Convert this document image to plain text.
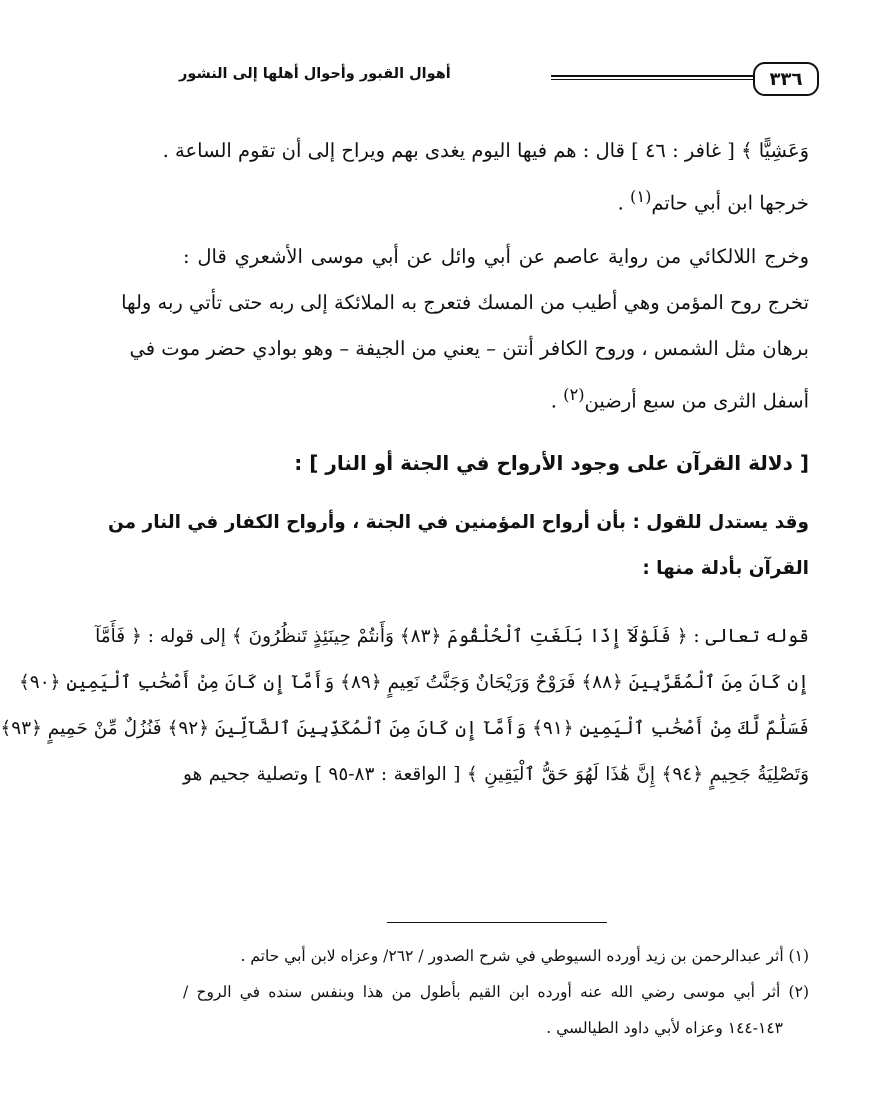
٣٣٦
أهوال القبور وأحوال أهلها إلى النشور
وَعَشِيًّا ﴾ [ غافر : ٤٦ ] قال : هم فيها اليوم يغدى بهم ويراح إلى أن تقوم الساعة .
خرجها ابن أبي حاتم$^{(١)}$ .
وخرج اللالكائي من رواية عاصم عن أبي وائل عن أبي موسى الأشعري قال :
تخرج روح المؤمن وهي أطيب من المسك فتعرج به الملائكة إلى ربه حتى تأتي ربه ولها
برهان مثل الشمس ، وروح الكافر أنتن – يعني من الجيفة – وهو بوادي حضر موت في
أسفل الثرى من سبع أرضين$^{(٢)}$ .
[ دلالة القرآن على وجود الأرواح في الجنة أو النار ] :
وقد يستدل للقول : بأن أرواح المؤمنين في الجنة ، وأرواح الكفار في النار من
القرآن بأدلة منها :
قوله تعالى : ﴿ فَلَوْلَآ إِذَا بَلَغَتِ ٱلْحُلْقُومَ ﴿٨٣﴾ وَأَنتُمْ حِينَئِذٍ تَنظُرُونَ ﴾ إلى قوله : ﴿ فَأَمَّآ
إِن كَانَ مِنَ ٱلْمُقَرَّبِينَ ﴿٨٨﴾ فَرَوْحٌ وَرَيْحَانٌ وَجَنَّتُ نَعِيمٍ ﴿٨٩﴾ وَأَمَّآ إِن كَانَ مِنْ أَصْحَٰبِ ٱلْيَمِينِ ﴿٩٠﴾
فَسَلَٰمٌ لَّكَ مِنْ أَصْحَٰبِ ٱلْيَمِينِ ﴿٩١﴾ وَأَمَّآ إِن كَانَ مِنَ ٱلْمُكَذِّبِينَ ٱلضَّآلِّينَ ﴿٩٢﴾ فَنُزُلٌ مِّنْ حَمِيمٍ ﴿٩٣﴾
وَتَصْلِيَةُ جَحِيمٍ ﴿٩٤﴾ إِنَّ هَٰذَا لَهُوَ حَقُّ ٱلْيَقِينِ ﴾ [ الواقعة : ٨٣-٩٥ ] وتصلية جحيم هو
(١) أثر عبدالرحمن بن زيد أورده السيوطي في شرح الصدور / ٢٦٢/ وعزاه لابن أبي حاتم .
(٢) أثر أبي موسى رضي الله عنه أورده ابن القيم بأطول من هذا وبنفس سنده في الروح /
١٤٣-١٤٤ وعزاه لأبي داود الطيالسي .
